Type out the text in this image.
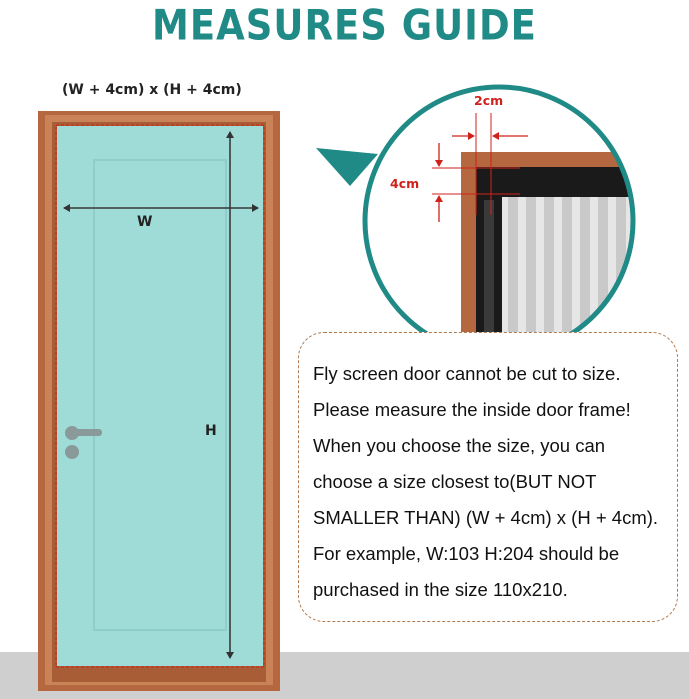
MEASURES GUIDE
(W + 4cm) x (H + 4cm)
W
H
2cm
4cm
Fly screen door cannot be cut to size.
Please measure the inside door frame!
When you choose the size, you can
choose a size closest to(BUT NOT
SMALLER THAN) (W + 4cm) x (H + 4cm).
For example, W:103 H:204 should be
purchased in the size 110x210.
